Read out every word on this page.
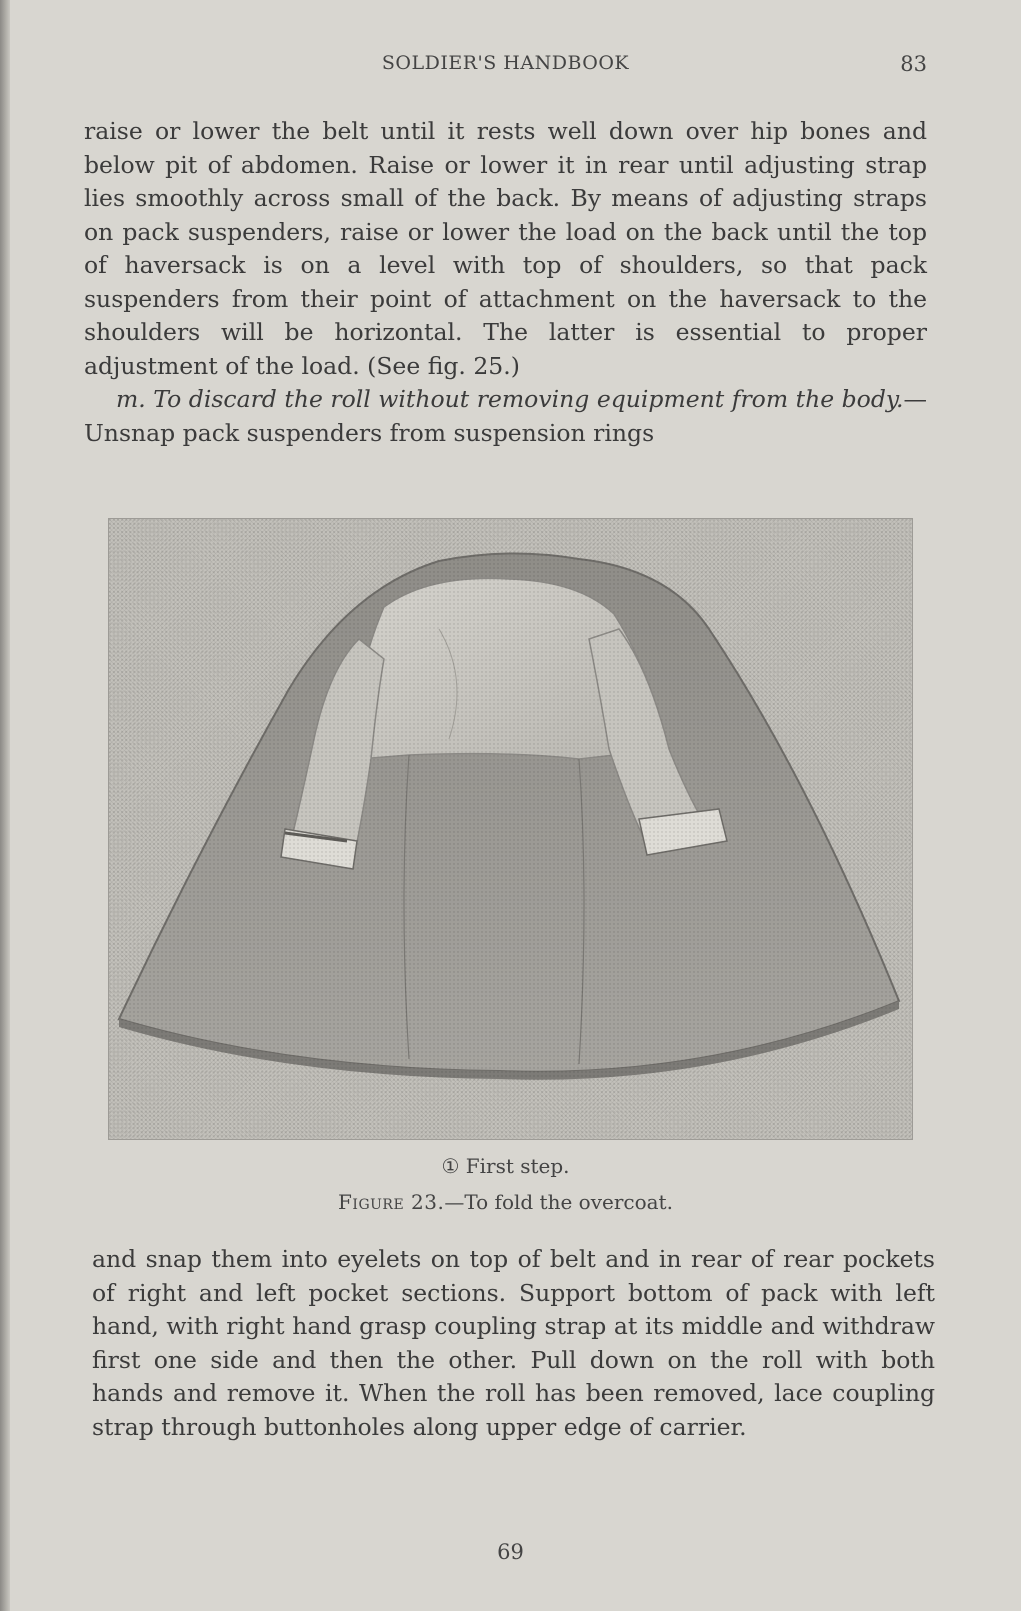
SOLDIER'S HANDBOOK	83

raise or lower the belt until it rests well down over hip bones and below pit of abdomen. Raise or lower it in rear until adjusting strap lies smoothly across small of the back. By means of adjusting straps on pack suspenders, raise or lower the load on the back until the top of haversack is on a level with top of shoulders, so that pack suspenders from their point of attachment on the haversack to the shoulders will be horizontal. The latter is essential to proper adjustment of the load. (See fig. 25.)

m. To discard the roll without removing equipment from the body.—Unsnap pack suspenders from suspension rings

① First step.
Figure 23.—To fold the overcoat.

and snap them into eyelets on top of belt and in rear of rear pockets of right and left pocket sections. Support bottom of pack with left hand, with right hand grasp coupling strap at its middle and withdraw first one side and then the other. Pull down on the roll with both hands and remove it. When the roll has been removed, lace coupling strap through buttonholes along upper edge of carrier.

69
